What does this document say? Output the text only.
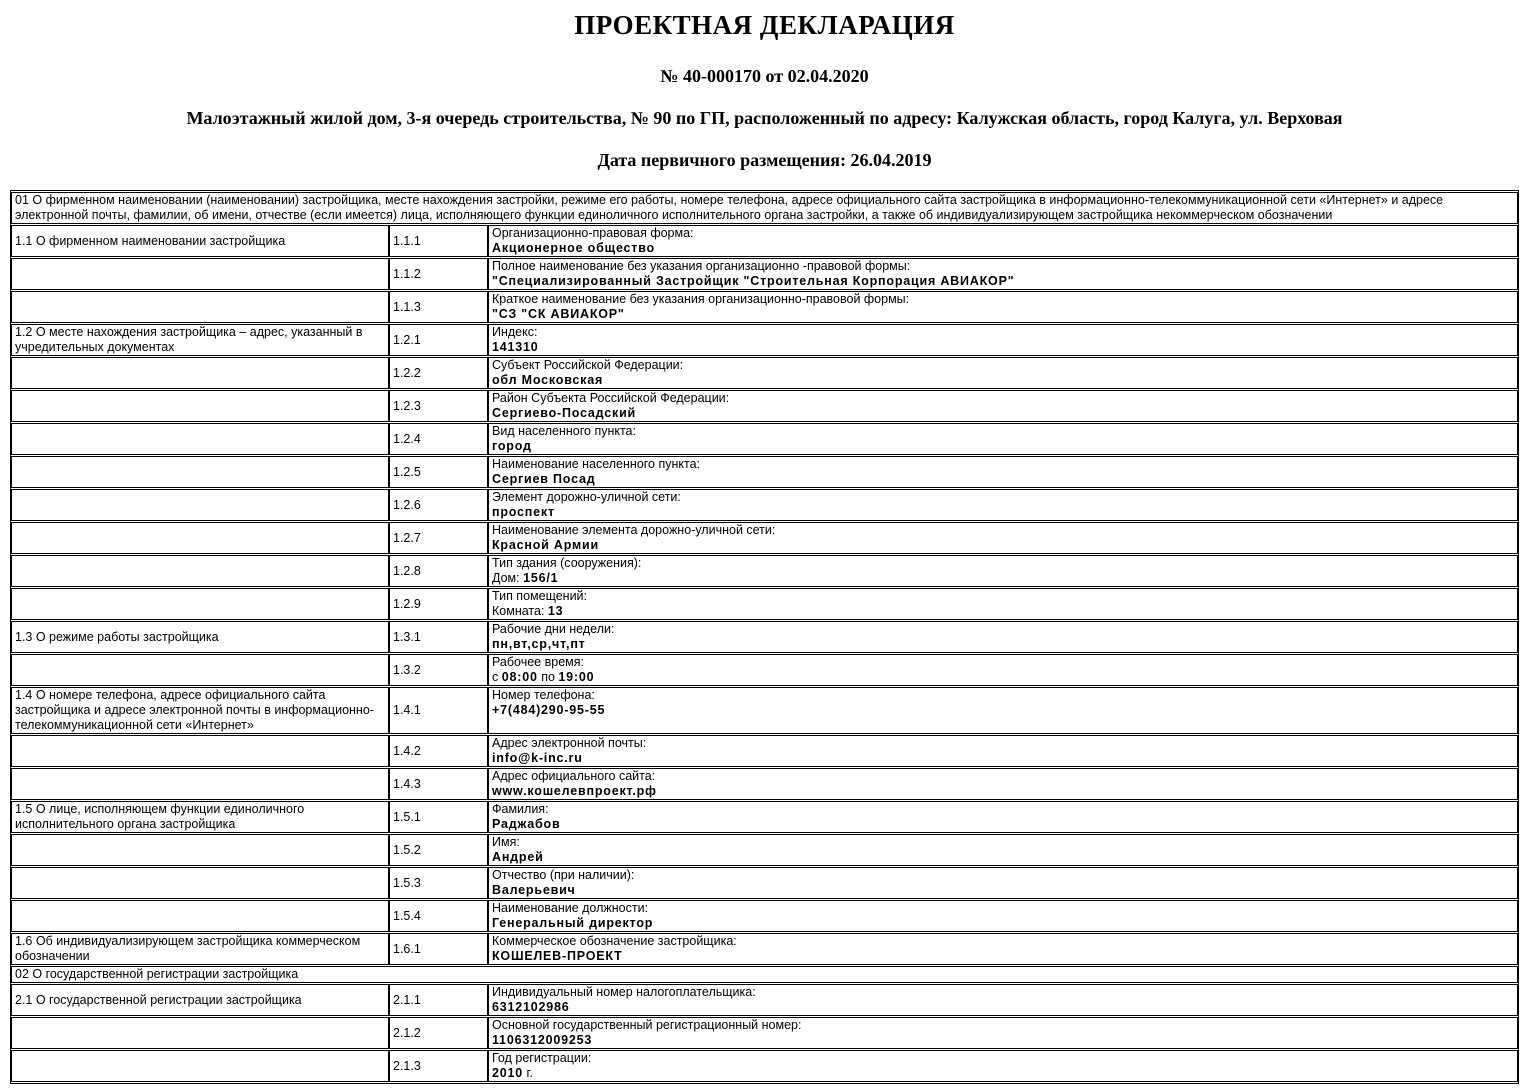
ПРОЕКТНАЯ ДЕКЛАРАЦИЯ
№ 40-000170 от 02.04.2020
Малоэтажный жилой дом, 3-я очередь строительства, № 90 по ГП, расположенный по адресу: Калужская область, город Калуга, ул. Верховая
Дата первичного размещения: 26.04.2019
01 О фирменном наименовании (наименовании) застройщика, месте нахождения застройки, режиме его работы, номере телефона, адресе официального сайта застройщика в информационно-телекоммуникационной сети «Интернет» и адресе электронной почты, фамилии, об имени, отчестве (если имеется) лица, исполняющего функции единоличного исполнительного органа застройки, а также об индивидуализирующем застройщика некоммерческом обозначении		
1.1 О фирменном наименовании застройщика	1.1.1	Организационно-правовая форма:
Акционерное общество

	1.1.2	Полное наименование без указания организационно -правовой формы:
"Специализированный Застройщик "Строительная Корпорация АВИАКОР"

	1.1.3	Краткое наименование без указания организационно-правовой формы:
"СЗ "СК АВИАКОР"

1.2 О месте нахождения застройщика – адрес, указанный в учредительных документах	1.2.1	Индекс:
141310

	1.2.2	Субъект Российской Федерации:
обл Московская

	1.2.3	Район Субъекта Российской Федерации:
Сергиево-Посадский

	1.2.4	Вид населенного пункта:
город

	1.2.5	Наименование населенного пункта:
Сергиев Посад

	1.2.6	Элемент дорожно-уличной сети:
проспект

	1.2.7	Наименование элемента дорожно-уличной сети:
Красной Армии

	1.2.8	Тип здания (сооружения):
Дом: 156/1

	1.2.9	Тип помещений:
Комната: 13

1.3 О режиме работы застройщика	1.3.1	Рабочие дни недели:
пн,вт,ср,чт,пт

	1.3.2	Рабочее время:
с 08:00 по 19:00

1.4 О номере телефона, адресе официального сайта застройщика и адресе электронной почты в информационно-телекоммуникационной сети «Интернет»	1.4.1	Номер телефона:
+7(484)290-95-55

	1.4.2	Адрес электронной почты:
info@k-inc.ru

	1.4.3	Адрес официального сайта:
www.кошелевпроект.рф

1.5 О лице, исполняющем функции единоличного исполнительного органа застройщика	1.5.1	Фамилия:
Раджабов

	1.5.2	Имя:
Андрей

	1.5.3	Отчество (при наличии):
Валерьевич

	1.5.4	Наименование должности:
Генеральный директор

1.6 Об индивидуализирующем застройщика коммерческом обозначении	1.6.1	Коммерческое обозначение застройщика:
КОШЕЛЕВ-ПРОЕКТ

02 О государственной регистрации застройщика		
2.1 О государственной регистрации застройщика	2.1.1	Индивидуальный номер налогоплательщика:
6312102986

	2.1.2	Основной государственный регистрационный номер:
1106312009253

	2.1.3	Год регистрации:
2010 г.
